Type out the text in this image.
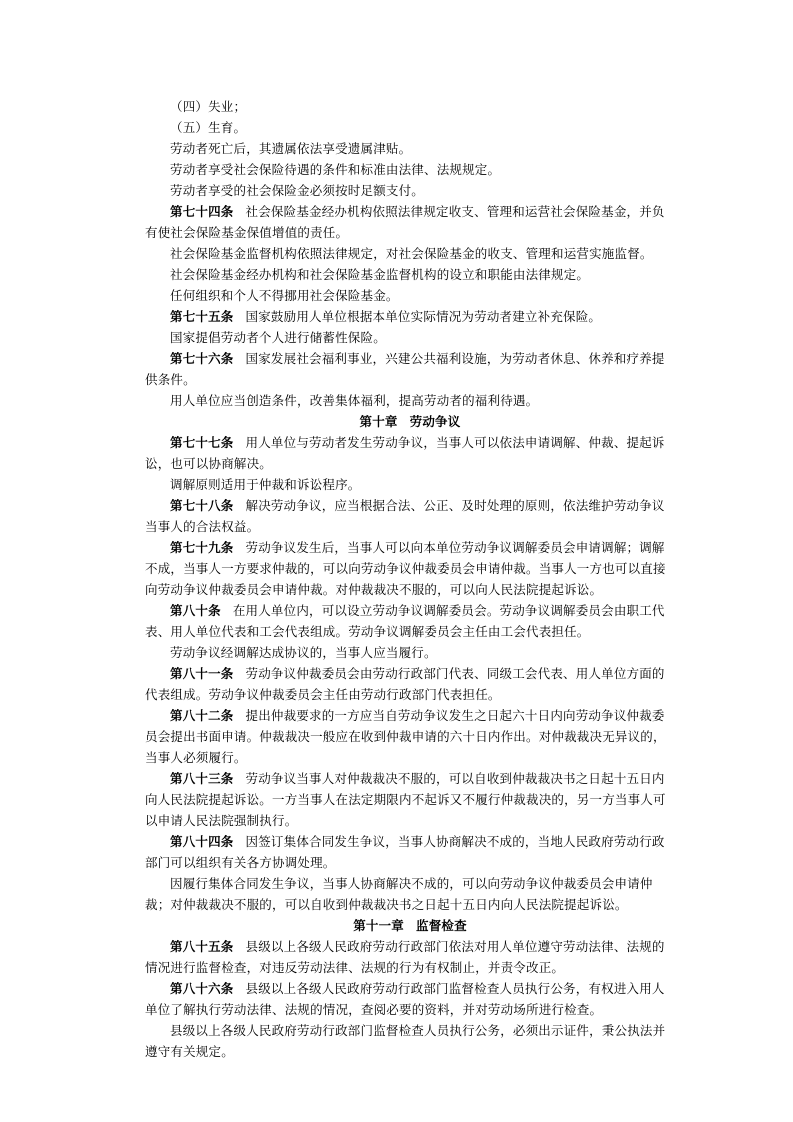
（四）失业；

（五）生育。

劳动者死亡后，其遗属依法享受遗属津贴。

劳动者享受社会保险待遇的条件和标准由法律、法规规定。

劳动者享受的社会保险金必须按时足额支付。

第七十四条 社会保险基金经办机构依照法律规定收支、管理和运营社会保险基金，并负有使社会保险基金保值增值的责任。

社会保险基金监督机构依照法律规定，对社会保险基金的收支、管理和运营实施监督。

社会保险基金经办机构和社会保险基金监督机构的设立和职能由法律规定。

任何组织和个人不得挪用社会保险基金。

第七十五条 国家鼓励用人单位根据本单位实际情况为劳动者建立补充保险。

国家提倡劳动者个人进行储蓄性保险。

第七十六条 国家发展社会福利事业，兴建公共福利设施，为劳动者休息、休养和疗养提供条件。

用人单位应当创造条件，改善集体福利，提高劳动者的福利待遇。

第十章 劳动争议

第七十七条 用人单位与劳动者发生劳动争议，当事人可以依法申请调解、仲裁、提起诉讼，也可以协商解决。

调解原则适用于仲裁和诉讼程序。

第七十八条 解决劳动争议，应当根据合法、公正、及时处理的原则，依法维护劳动争议当事人的合法权益。

第七十九条 劳动争议发生后，当事人可以向本单位劳动争议调解委员会申请调解；调解不成，当事人一方要求仲裁的，可以向劳动争议仲裁委员会申请仲裁。当事人一方也可以直接向劳动争议仲裁委员会申请仲裁。对仲裁裁决不服的，可以向人民法院提起诉讼。

第八十条 在用人单位内，可以设立劳动争议调解委员会。劳动争议调解委员会由职工代表、用人单位代表和工会代表组成。劳动争议调解委员会主任由工会代表担任。

劳动争议经调解达成协议的，当事人应当履行。

第八十一条 劳动争议仲裁委员会由劳动行政部门代表、同级工会代表、用人单位方面的代表组成。劳动争议仲裁委员会主任由劳动行政部门代表担任。

第八十二条 提出仲裁要求的一方应当自劳动争议发生之日起六十日内向劳动争议仲裁委员会提出书面申请。仲裁裁决一般应在收到仲裁申请的六十日内作出。对仲裁裁决无异议的，当事人必须履行。

第八十三条 劳动争议当事人对仲裁裁决不服的，可以自收到仲裁裁决书之日起十五日内向人民法院提起诉讼。一方当事人在法定期限内不起诉又不履行仲裁裁决的，另一方当事人可以申请人民法院强制执行。

第八十四条 因签订集体合同发生争议，当事人协商解决不成的，当地人民政府劳动行政部门可以组织有关各方协调处理。

因履行集体合同发生争议，当事人协商解决不成的，可以向劳动争议仲裁委员会申请仲裁；对仲裁裁决不服的，可以自收到仲裁裁决书之日起十五日内向人民法院提起诉讼。

第十一章 监督检查

第八十五条 县级以上各级人民政府劳动行政部门依法对用人单位遵守劳动法律、法规的情况进行监督检查，对违反劳动法律、法规的行为有权制止，并责令改正。

第八十六条 县级以上各级人民政府劳动行政部门监督检查人员执行公务，有权进入用人单位了解执行劳动法律、法规的情况，查阅必要的资料，并对劳动场所进行检查。

县级以上各级人民政府劳动行政部门监督检查人员执行公务，必须出示证件，秉公执法并遵守有关规定。
